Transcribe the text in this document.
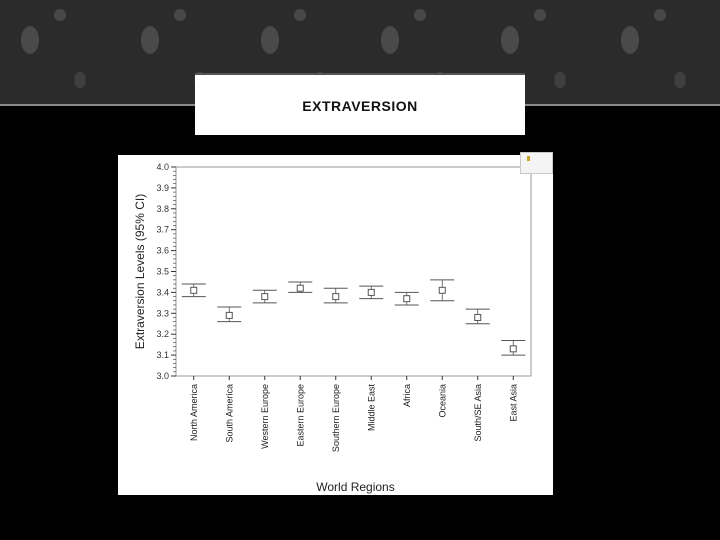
EXTRAVERSION
3.0
3.1
3.2
3.3
3.4
3.5
3.6
3.7
3.8
3.9
4.0
Extraversion Levels (95% CI)
North America	South America	Western Europe	Eastern Europe	Southern Europe	Middle East	Africa	Oceania	South/SE Asia	East Asia
World Regions
